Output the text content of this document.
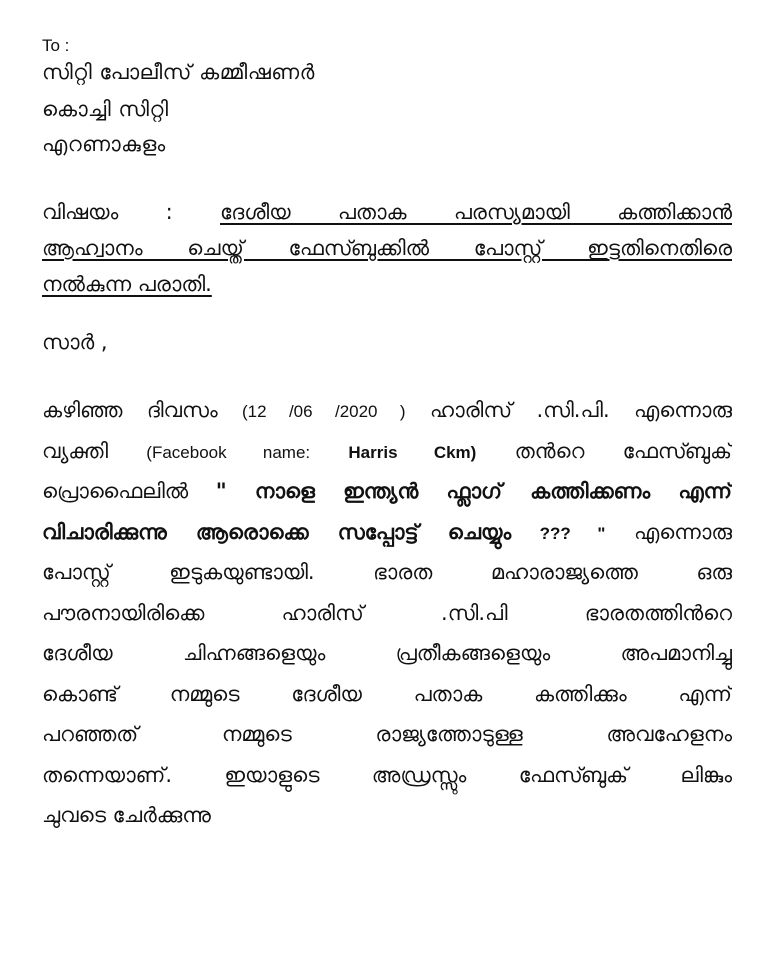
To :
സിറ്റി പോലീസ് കമ്മീഷണർ
കൊച്ചി സിറ്റി
എറണാകുളം
വിഷയം : ദേശീയ പതാക പരസ്യമായി കത്തിക്കാൻ
ആഹ്വാനം ചെയ്ത് ഫേസ്ബുക്കിൽ പോസ്റ്റ് ഇട്ടതിനെതിരെ
നൽകുന്ന പരാതി.
സാർ ,
കഴിഞ്ഞ ദിവസം (12 /06 /2020 ) ഹാരിസ് .സി.പി. എന്നൊരു
വ്യക്തി (Facebook name: Harris Ckm) തൻറെ ഫേസ്ബുക്
പ്രൊഫൈലിൽ " നാളെ ഇന്ത്യൻ ഫ്ലാഗ് കത്തിക്കണം എന്ന്
വിചാരിക്കുന്നു ആരൊക്കെ സപ്പോട്ട് ചെയ്യും ??? " എന്നൊരു
പോസ്റ്റ് ഇടുകയുണ്ടായി. ഭാരത മഹാരാജ്യത്തെ ഒരു
പൗരനായിരിക്കെ ഹാരിസ് .സി.പി ഭാരതത്തിൻറെ
ദേശീയ ചിഹ്നങ്ങളെയും പ്രതീകങ്ങളെയും അപമാനിച്ചു
കൊണ്ട് നമ്മുടെ ദേശീയ പതാക കത്തിക്കും എന്ന്
പറഞ്ഞത് നമ്മുടെ രാജ്യത്തോടുള്ള അവഹേളനം
തന്നെയാണ്. ഇയാളുടെ അഡ്രസ്സും ഫേസ്ബുക് ലിങ്കും
ചുവടെ ചേർക്കുന്നു
